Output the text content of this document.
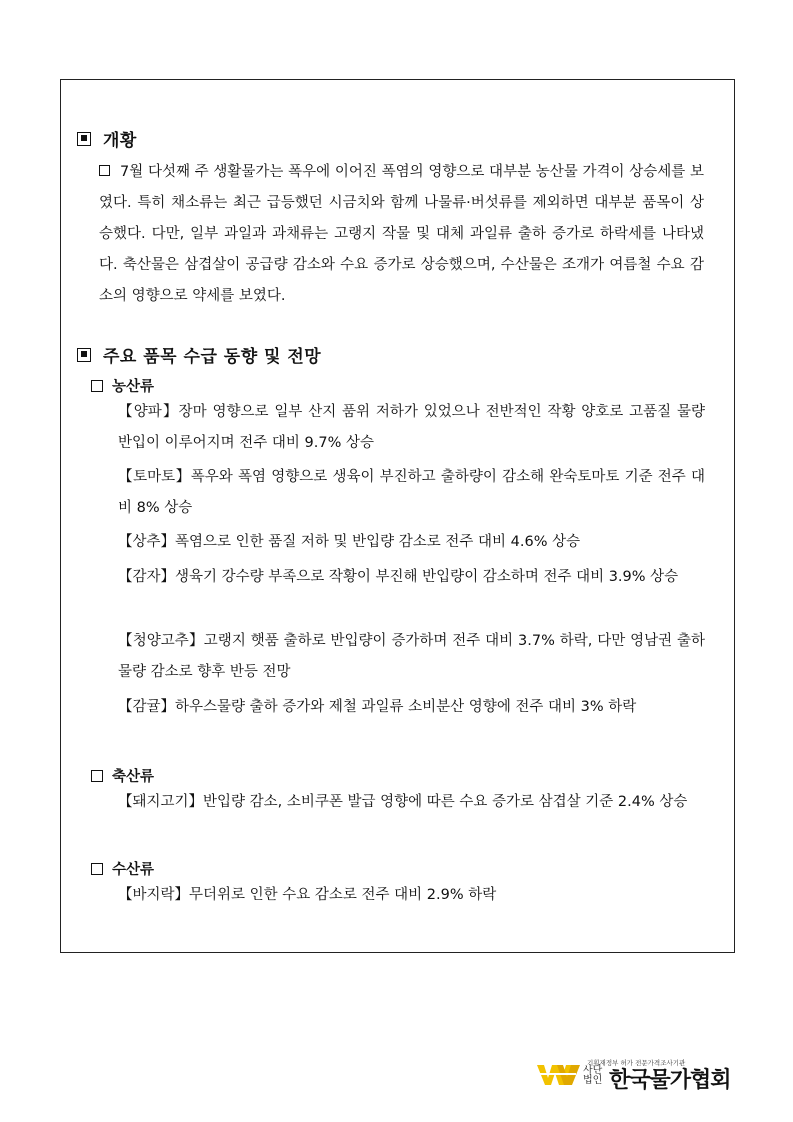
개황
7월 다섯째 주 생활물가는 폭우에 이어진 폭염의 영향으로 대부분 농산물 가격이 상승세를 보였다. 특히 채소류는 최근 급등했던 시금치와 함께 나물류·버섯류를 제외하면 대부분 품목이 상승했다. 다만, 일부 과일과 과채류는 고랭지 작물 및 대체 과일류 출하 증가로 하락세를 나타냈다. 축산물은 삼겹살이 공급량 감소와 수요 증가로 상승했으며, 수산물은 조개가 여름철 수요 감소의 영향으로 약세를 보였다.
주요 품목 수급 동향 및 전망
농산류
【양파】장마 영향으로 일부 산지 품위 저하가 있었으나 전반적인 작황 양호로 고품질 물량 반입이 이루어지며 전주 대비 9.7% 상승
【토마토】폭우와 폭염 영향으로 생육이 부진하고 출하량이 감소해 완숙토마토 기준 전주 대비 8% 상승
【상추】폭염으로 인한 품질 저하 및 반입량 감소로 전주 대비 4.6% 상승
【감자】생육기 강수량 부족으로 작황이 부진해 반입량이 감소하며 전주 대비 3.9% 상승
【청양고추】고랭지 햇품 출하로 반입량이 증가하며 전주 대비 3.7% 하락, 다만 영남권 출하 물량 감소로 향후 반등 전망
【감귤】하우스물량 출하 증가와 제철 과일류 소비분산 영향에 전주 대비 3% 하락
축산류
【돼지고기】반입량 감소, 소비쿠폰 발급 영향에 따른 수요 증가로 삼겹살 기준 2.4% 상승
수산류
【바지락】무더위로 인한 수요 감소로 전주 대비 2.9% 하락
기획재정부 허가 전문가격조사기관
사단법인 한국물가협회
